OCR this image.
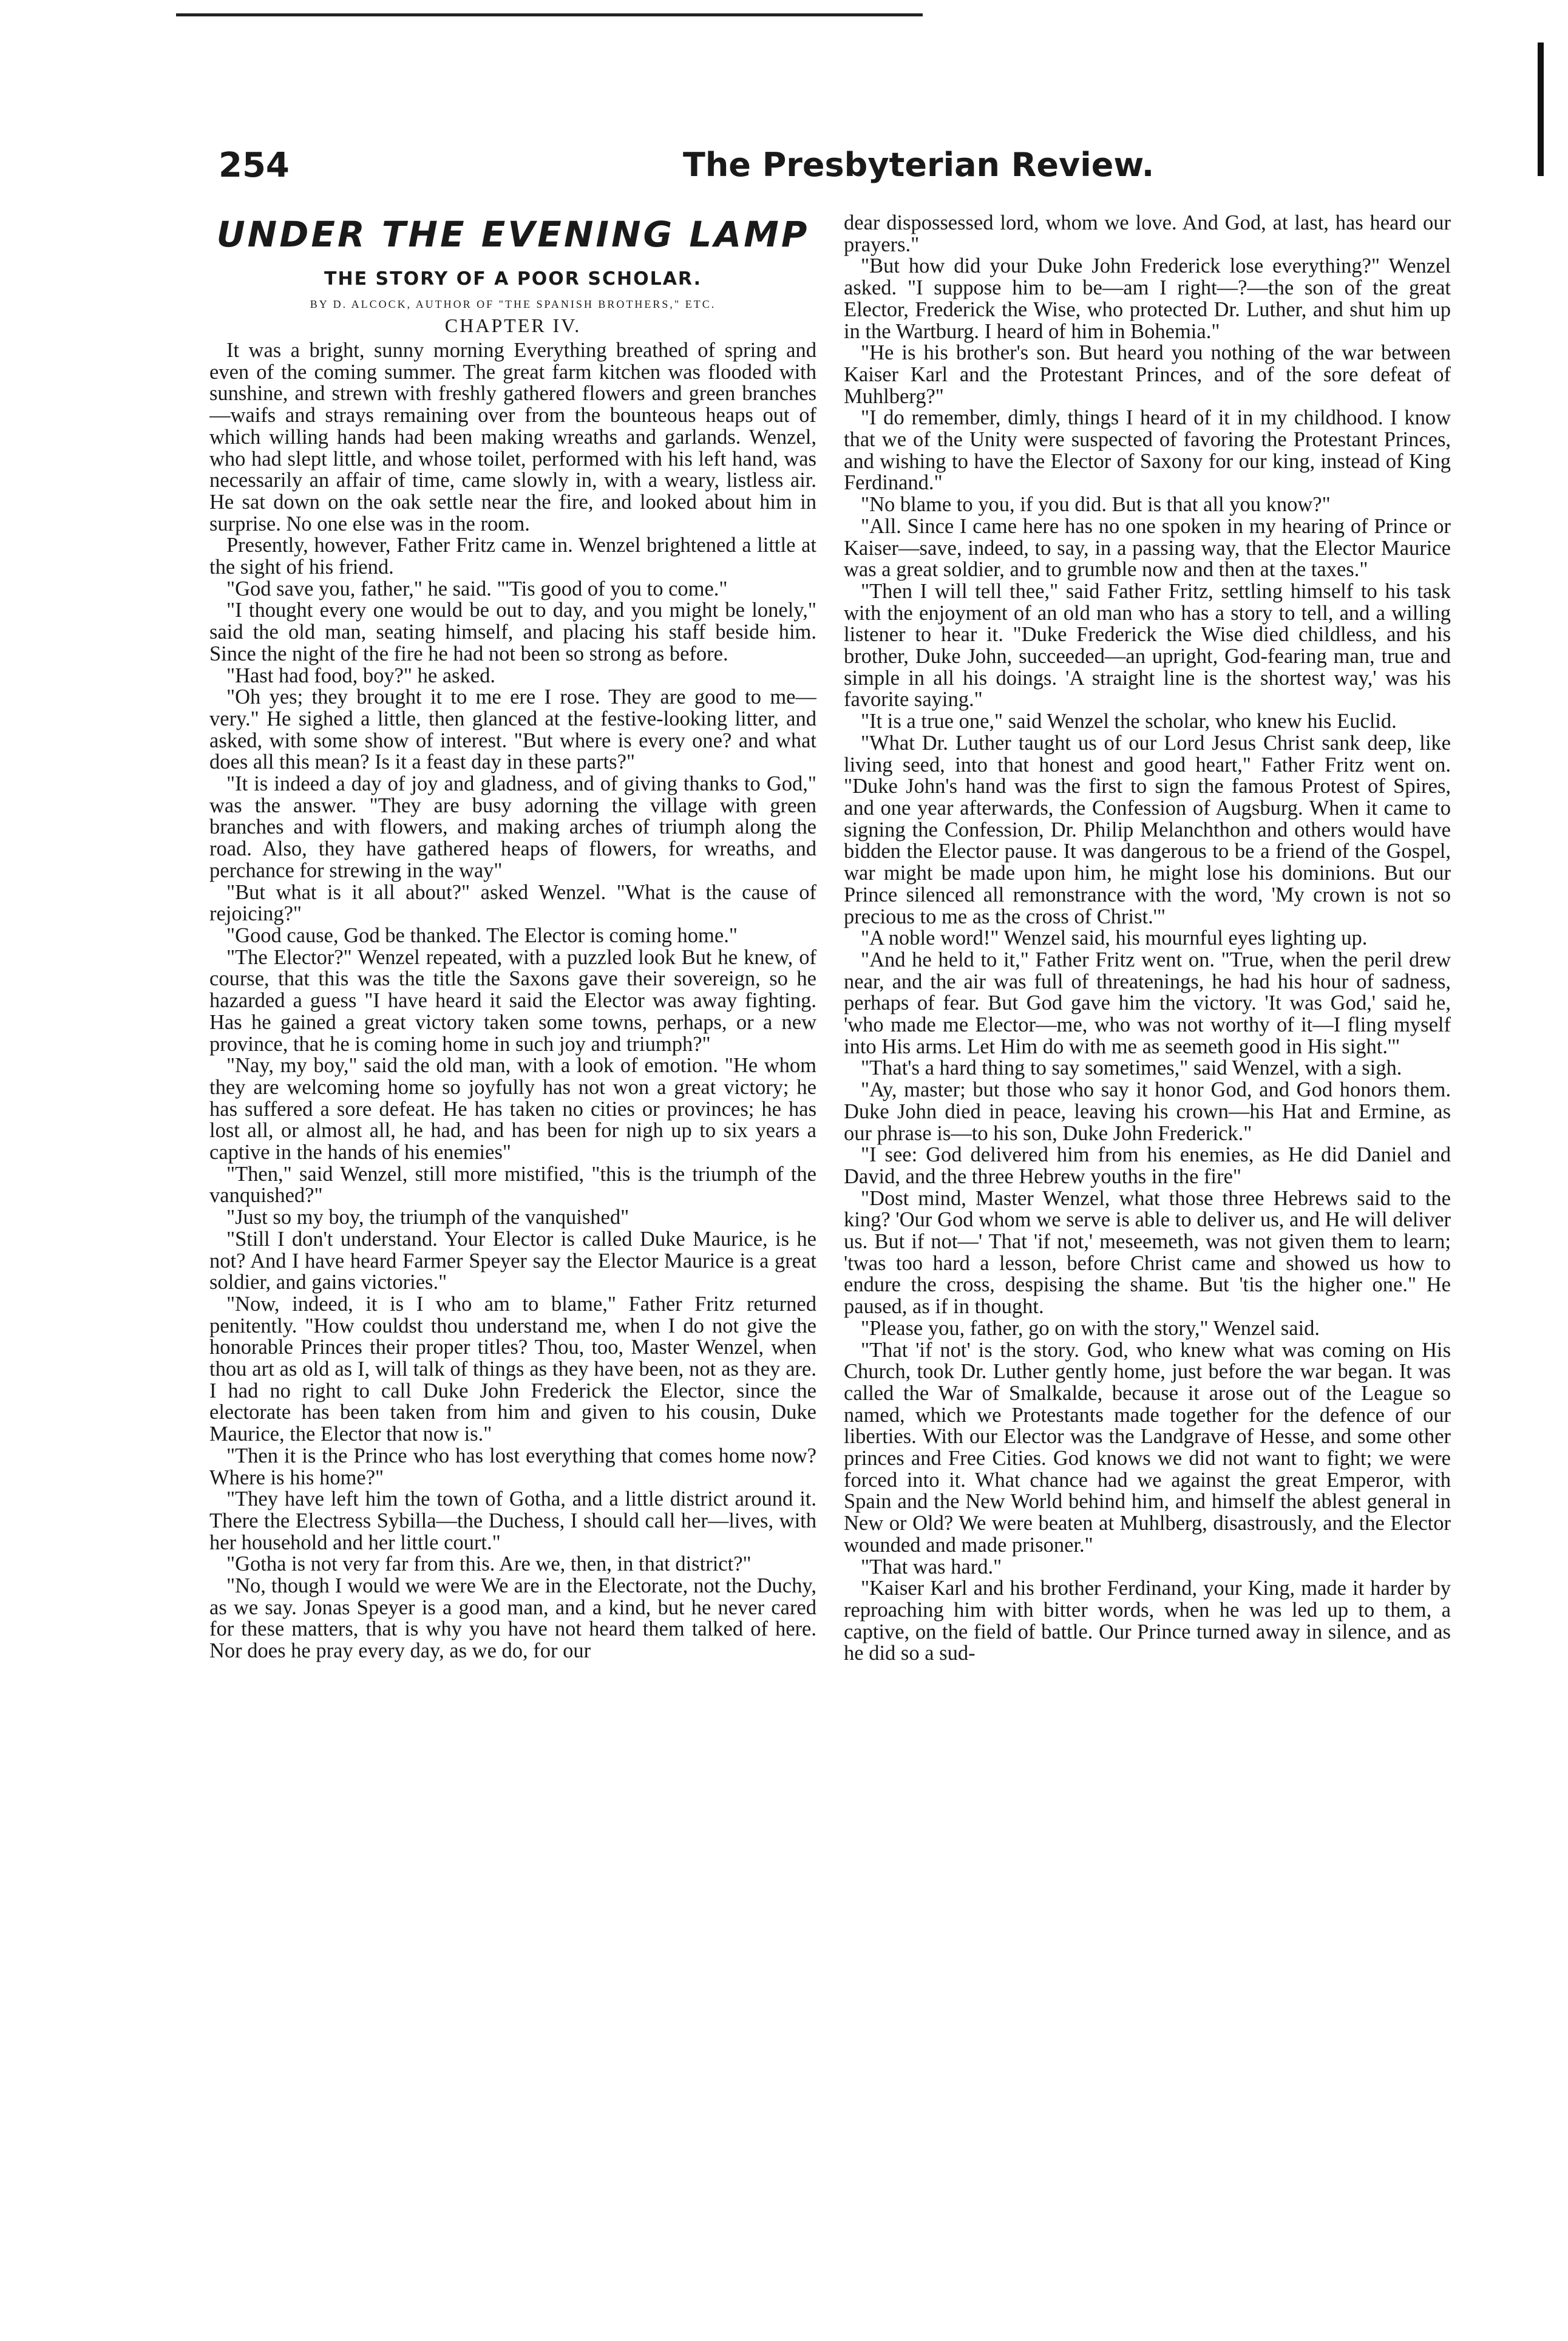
254	The Presbyterian Review.
UNDER THE EVENING LAMP
THE STORY OF A POOR SCHOLAR.
BY D. ALCOCK, AUTHOR OF "THE SPANISH BROTHERS," ETC.
CHAPTER IV.

It was a bright, sunny morning Everything breathed of spring and even of the coming summer. The great farm kitchen was flooded with sunshine, and strewn with freshly gathered flowers and green branches—waifs and strays remaining over from the bounteous heaps out of which willing hands had been making wreaths and garlands. Wenzel, who had slept little, and whose toilet, performed with his left hand, was necessarily an affair of time, came slowly in, with a weary, listless air. He sat down on the oak settle near the fire, and looked about him in surprise. No one else was in the room.

Presently, however, Father Fritz came in. Wenzel brightened a little at the sight of his friend.

"God save you, father," he said. "'Tis good of you to come."

"I thought every one would be out to day, and you might be lonely," said the old man, seating himself, and placing his staff beside him. Since the night of the fire he had not been so strong as before.

"Hast had food, boy?" he asked.

"Oh yes; they brought it to me ere I rose. They are good to me—very." He sighed a little, then glanced at the festive-looking litter, and asked, with some show of interest. "But where is every one? and what does all this mean? Is it a feast day in these parts?"

"It is indeed a day of joy and gladness, and of giving thanks to God," was the answer. "They are busy adorning the village with green branches and with flowers, and making arches of triumph along the road. Also, they have gathered heaps of flowers, for wreaths, and perchance for strewing in the way"

"But what is it all about?" asked Wenzel. "What is the cause of rejoicing?"

"Good cause, God be thanked. The Elector is coming home."

"The Elector?" Wenzel repeated, with a puzzled look But he knew, of course, that this was the title the Saxons gave their sovereign, so he hazarded a guess "I have heard it said the Elector was away fighting. Has he gained a great victory taken some towns, perhaps, or a new province, that he is coming home in such joy and triumph?"

"Nay, my boy," said the old man, with a look of emotion. "He whom they are welcoming home so joyfully has not won a great victory; he has suffered a sore defeat. He has taken no cities or provinces; he has lost all, or almost all, he had, and has been for nigh up to six years a captive in the hands of his enemies"

"Then," said Wenzel, still more mistified, "this is the triumph of the vanquished?"

"Just so my boy, the triumph of the vanquished"

"Still I don't understand. Your Elector is called Duke Maurice, is he not? And I have heard Farmer Speyer say the Elector Maurice is a great soldier, and gains victories."

"Now, indeed, it is I who am to blame," Father Fritz returned penitently. "How couldst thou understand me, when I do not give the honorable Princes their proper titles? Thou, too, Master Wenzel, when thou art as old as I, will talk of things as they have been, not as they are. I had no right to call Duke John Frederick the Elector, since the electorate has been taken from him and given to his cousin, Duke Maurice, the Elector that now is."

"Then it is the Prince who has lost everything that comes home now? Where is his home?"

"They have left him the town of Gotha, and a little district around it. There the Electress Sybilla—the Duchess, I should call her—lives, with her household and her little court."

"Gotha is not very far from this. Are we, then, in that district?"

"No, though I would we were We are in the Electorate, not the Duchy, as we say. Jonas Speyer is a good man, and a kind, but he never cared for these matters, that is why you have not heard them talked of here. Nor does he pray every day, as we do, for our

dear dispossessed lord, whom we love. And God, at last, has heard our prayers."

"But how did your Duke John Frederick lose everything?" Wenzel asked. "I suppose him to be—am I right—?—the son of the great Elector, Frederick the Wise, who protected Dr. Luther, and shut him up in the Wartburg. I heard of him in Bohemia."

"He is his brother's son. But heard you nothing of the war between Kaiser Karl and the Protestant Princes, and of the sore defeat of Muhlberg?"

"I do remember, dimly, things I heard of it in my childhood. I know that we of the Unity were suspected of favoring the Protestant Princes, and wishing to have the Elector of Saxony for our king, instead of King Ferdinand."

"No blame to you, if you did. But is that all you know?"

"All. Since I came here has no one spoken in my hearing of Prince or Kaiser—save, indeed, to say, in a passing way, that the Elector Maurice was a great soldier, and to grumble now and then at the taxes."

"Then I will tell thee," said Father Fritz, settling himself to his task with the enjoyment of an old man who has a story to tell, and a willing listener to hear it. "Duke Frederick the Wise died childless, and his brother, Duke John, succeeded—an upright, God-fearing man, true and simple in all his doings. 'A straight line is the shortest way,' was his favorite saying."

"It is a true one," said Wenzel the scholar, who knew his Euclid.

"What Dr. Luther taught us of our Lord Jesus Christ sank deep, like living seed, into that honest and good heart," Father Fritz went on. "Duke John's hand was the first to sign the famous Protest of Spires, and one year afterwards, the Confession of Augsburg. When it came to signing the Confession, Dr. Philip Melanchthon and others would have bidden the Elector pause. It was dangerous to be a friend of the Gospel, war might be made upon him, he might lose his dominions. But our Prince silenced all remonstrance with the word, 'My crown is not so precious to me as the cross of Christ.'"

"A noble word!" Wenzel said, his mournful eyes lighting up.

"And he held to it," Father Fritz went on. "True, when the peril drew near, and the air was full of threatenings, he had his hour of sadness, perhaps of fear. But God gave him the victory. 'It was God,' said he, 'who made me Elector—me, who was not worthy of it—I fling myself into His arms. Let Him do with me as seemeth good in His sight.'"

"That's a hard thing to say sometimes," said Wenzel, with a sigh.

"Ay, master; but those who say it honor God, and God honors them. Duke John died in peace, leaving his crown—his Hat and Ermine, as our phrase is—to his son, Duke John Frederick."

"I see: God delivered him from his enemies, as He did Daniel and David, and the three Hebrew youths in the fire"

"Dost mind, Master Wenzel, what those three Hebrews said to the king? 'Our God whom we serve is able to deliver us, and He will deliver us. But if not—' That 'if not,' meseemeth, was not given them to learn; 'twas too hard a lesson, before Christ came and showed us how to endure the cross, despising the shame. But 'tis the higher one." He paused, as if in thought.

"Please you, father, go on with the story," Wenzel said.

"That 'if not' is the story. God, who knew what was coming on His Church, took Dr. Luther gently home, just before the war began. It was called the War of Smalkalde, because it arose out of the League so named, which we Protestants made together for the defence of our liberties. With our Elector was the Landgrave of Hesse, and some other princes and Free Cities. God knows we did not want to fight; we were forced into it. What chance had we against the great Emperor, with Spain and the New World behind him, and himself the ablest general in New or Old? We were beaten at Muhlberg, disastrously, and the Elector wounded and made prisoner."

"That was hard."

"Kaiser Karl and his brother Ferdinand, your King, made it harder by reproaching him with bitter words, when he was led up to them, a captive, on the field of battle. Our Prince turned away in silence, and as he did so a sud-
